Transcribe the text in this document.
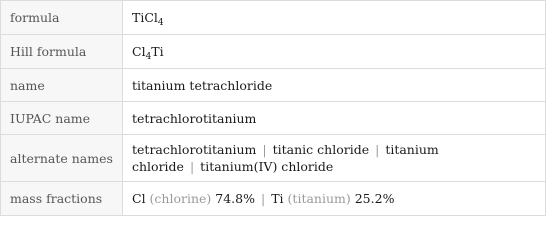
formula	TiCl$_4$
Hill formula	$Cl_4Ti$
name	titanium tetrachloride
IUPAC name	tetrachlorotitanium
alternate names	tetrachlorotitanium | titanic chloride | titanium chloride | titanium(IV) chloride
mass fractions	Cl (chlorine) 74.8% | Ti (titanium) 25.2%
